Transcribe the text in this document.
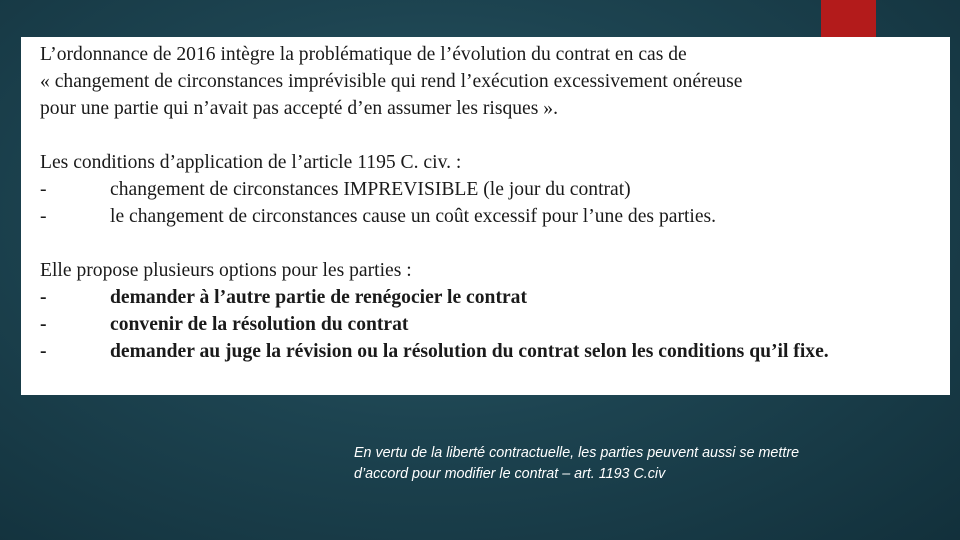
L’ordonnance de 2016 intègre la problématique de l’évolution du contrat en cas de

« changement de circonstances imprévisible qui rend l’exécution excessivement onéreuse

pour une partie qui n’avait pas accepté d’en assumer les risques ».

Les conditions d’application de l’article 1195 C. civ. :

-	changement de circonstances IMPREVISIBLE (le jour du contrat)
-	le changement de circonstances cause un coût excessif pour l’une des parties.

Elle propose plusieurs options pour les parties :

-	demander à l’autre partie de renégocier le contrat
-	convenir de la résolution du contrat
-	demander au juge la révision ou la résolution du contrat selon les conditions qu’il fixe.
En vertu de la liberté contractuelle, les parties peuvent aussi se mettre d’accord pour modifier le contrat – art. 1193 C.civ
